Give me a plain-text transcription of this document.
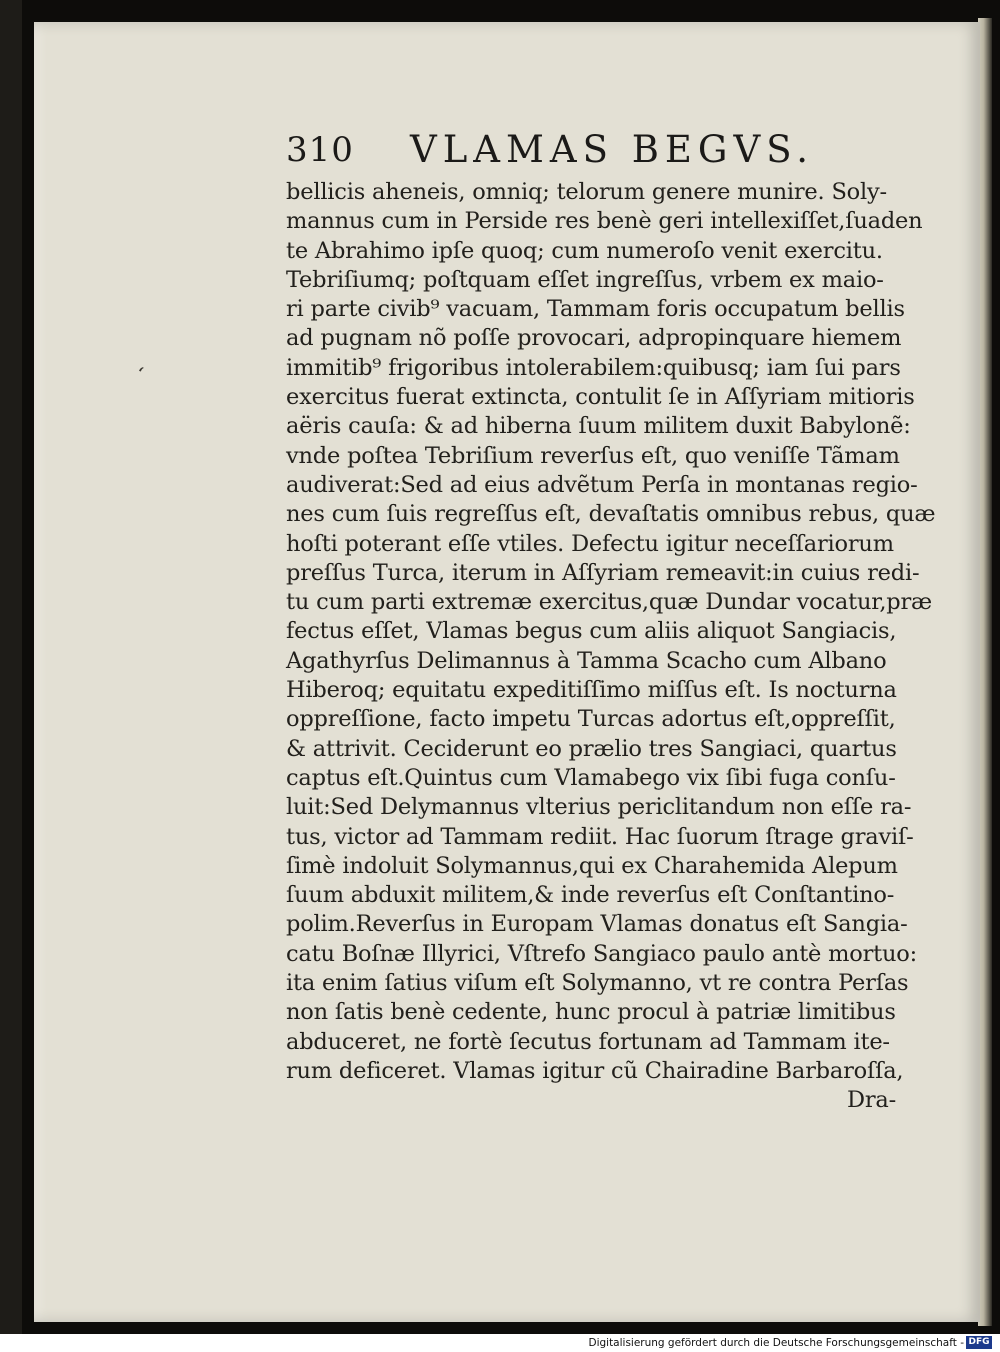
310 VLAMAS BEGVS.
ʻ
bellicis aheneis, omniq; telorum genere munire. Soly-
mannus cum in Perside res benè geri intellexiſſet,ſuaden
te Abrahimo ipſe quoq; cum numeroſo venit exercitu.
Tebriſiumq; poſtquam eſſet ingreſſus, vrbem ex maio-
ri parte civib⁹ vacuam, Tammam foris occupatum bellis
ad pugnam nõ poſſe provocari, adpropinquare hiemem
immitib⁹ frigoribus intolerabilem:quibusq; iam ſui pars
exercitus fuerat extincta, contulit ſe in Aſſyriam mitioris
aëris cauſa: & ad hiberna ſuum militem duxit Babylonẽ:
vnde poſtea Tebriſium reverſus eſt, quo veniſſe Tãmam
audiverat:Sed ad eius advẽtum Perſa in montanas regio-
nes cum ſuis regreſſus eſt, devaſtatis omnibus rebus, quæ
hoſti poterant eſſe vtiles. Defectu igitur neceſſariorum
preſſus Turca, iterum in Aſſyriam remeavit:in cuius redi-
tu cum parti extremæ exercitus,quæ Dundar vocatur,præ
fectus eſſet, Vlamas begus cum aliis aliquot Sangiacis,
Agathyrſus Delimannus à Tamma Scacho cum Albano
Hiberoq; equitatu expeditiſſimo miſſus eſt. Is nocturna
oppreſſione, facto impetu Turcas adortus eſt,oppreſſit,
& attrivit. Ceciderunt eo prælio tres Sangiaci, quartus
captus eſt.Quintus cum Vlamabego vix ſibi fuga conſu-
luit:Sed Delymannus vlterius periclitandum non eſſe ra-
tus, victor ad Tammam rediit. Hac ſuorum ſtrage graviſ-
ſimè indoluit Solymannus,qui ex Charahemida Alepum
ſuum abduxit militem,& inde reverſus eſt Conſtantino-
polim.Reverſus in Europam Vlamas donatus eſt Sangia-
catu Boſnæ Illyrici, Vſtrefo Sangiaco paulo antè mortuo:
ita enim ſatius viſum eſt Solymanno, vt re contra Perſas
non ſatis benè cedente, hunc procul à patriæ limitibus
abduceret, ne fortè ſecutus fortunam ad Tammam ite-
rum deficeret. Vlamas igitur cũ Chairadine Barbaroſſa,
Dra-
Digitalisierung gefördert durch die Deutsche Forschungsgemeinschaft - DFG
